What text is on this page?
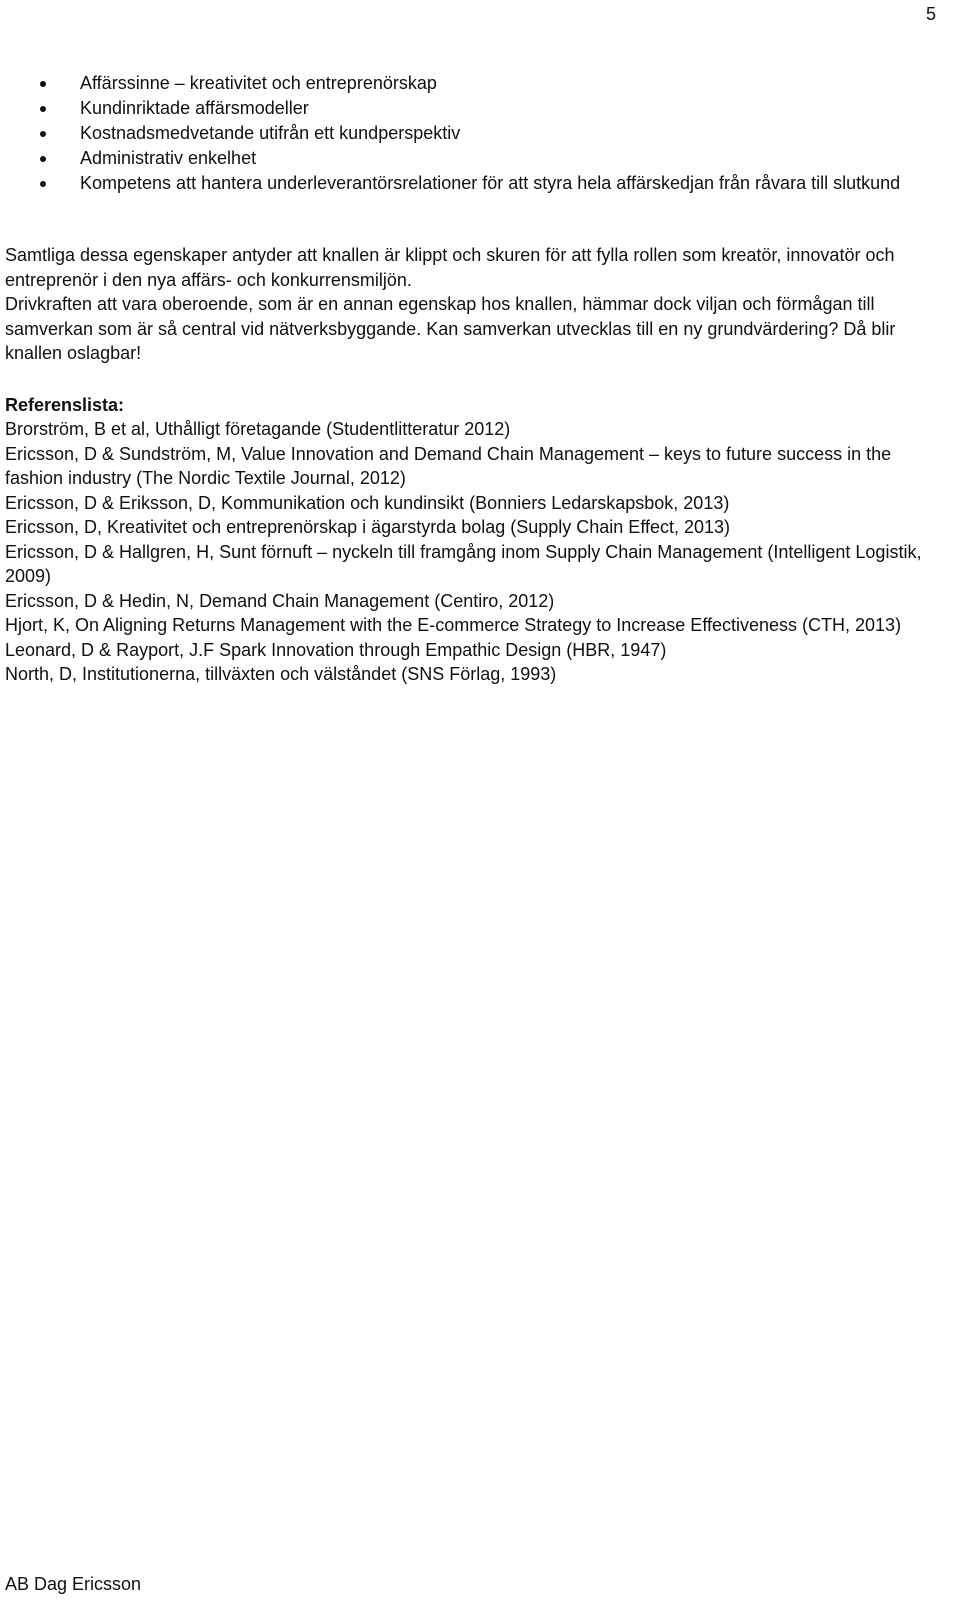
5
Affärssinne – kreativitet och entreprenörskap
Kundinriktade affärsmodeller
Kostnadsmedvetande utifrån ett kundperspektiv
Administrativ enkelhet
Kompetens att hantera underleverantörsrelationer för att styra hela affärskedjan från råvara till slutkund

Samtliga dessa egenskaper antyder att knallen är klippt och skuren för att fylla rollen som kreatör, innovatör och entreprenör i den nya affärs- och konkurrensmiljön.
Drivkraften att vara oberoende, som är en annan egenskap hos knallen, hämmar dock viljan och förmågan till samverkan som är så central vid nätverksbyggande. Kan samverkan utvecklas till en ny grundvärdering? Då blir knallen oslagbar!

Referenslista:
Brorström, B et al, Uthålligt företagande (Studentlitteratur 2012)
Ericsson, D & Sundström, M, Value Innovation and Demand Chain Management – keys to future success in the fashion industry (The Nordic Textile Journal, 2012)
Ericsson, D & Eriksson, D, Kommunikation och kundinsikt (Bonniers Ledarskapsbok, 2013)
Ericsson, D, Kreativitet och entreprenörskap i ägarstyrda bolag (Supply Chain Effect, 2013)
Ericsson, D & Hallgren, H, Sunt förnuft – nyckeln till framgång inom Supply Chain Management (Intelligent Logistik, 2009)
Ericsson, D & Hedin, N, Demand Chain Management (Centiro, 2012)
Hjort, K, On Aligning Returns Management with the E-commerce Strategy to Increase Effectiveness (CTH, 2013)
Leonard, D & Rayport, J.F Spark Innovation through Empathic Design (HBR, 1947)
North, D, Institutionerna, tillväxten och välståndet (SNS Förlag, 1993)
AB Dag Ericsson
